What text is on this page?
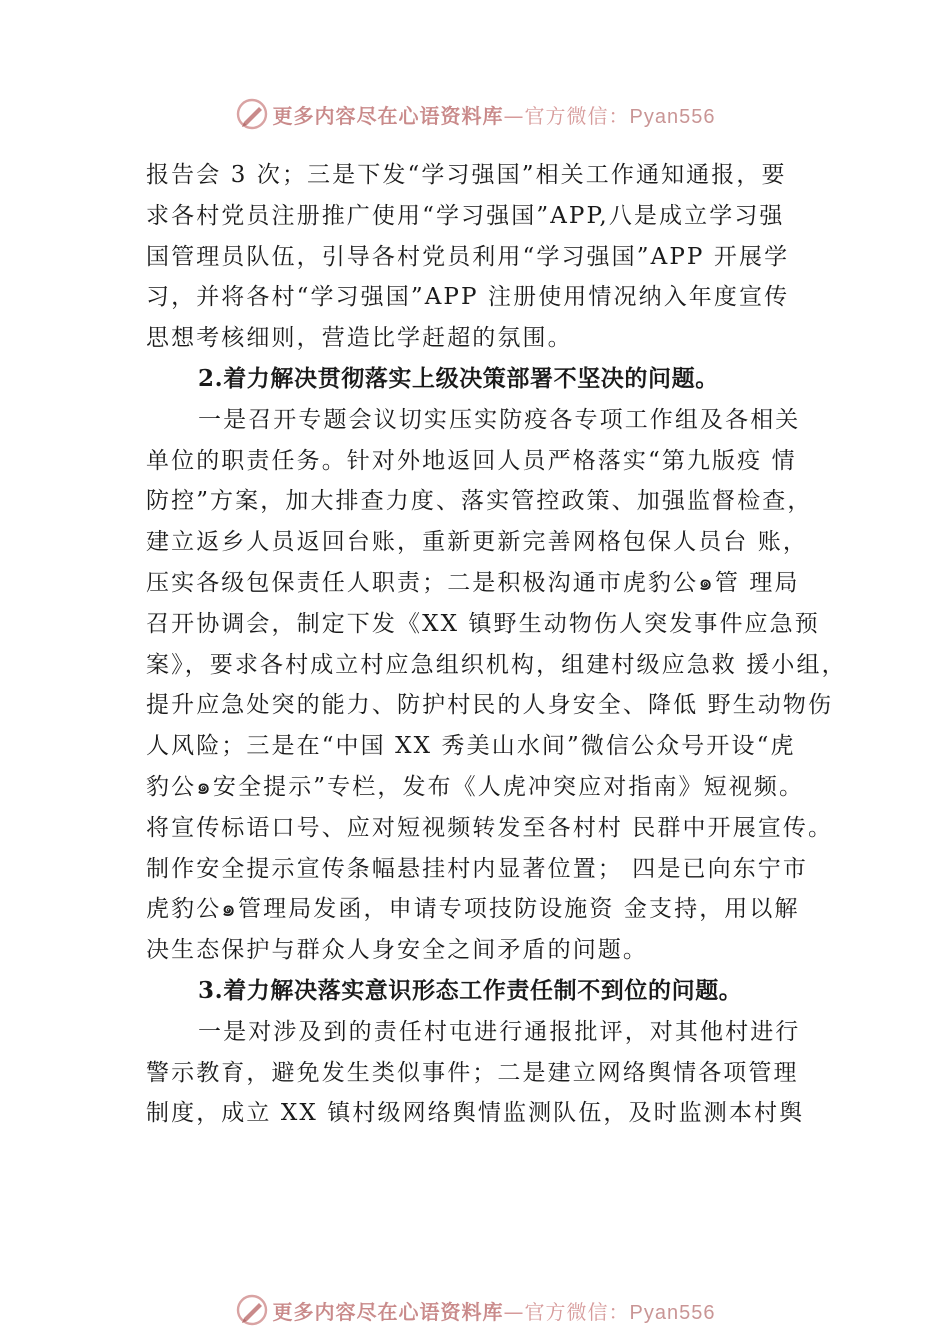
更多内容尽在心语资料库—官方微信：Pyan556
报告会 3 次；三是下发“学习强国”相关工作通知通报，要
求各村党员注册推广使用“学习强国”APP,八是成立学习强
国管理员队伍，引导各村党员利用“学习强国”APP 开展学
习，并将各村“学习强国”APP 注册使用情况纳入年度宣传
思想考核细则，营造比学赶超的氛围。
2.着力解决贯彻落实上级决策部署不坚决的问题。
一是召开专题会议切实压实防疫各专项工作组及各相关
单位的职责任务。针对外地返回人员严格落实“第九版疫 情
防控”方案，加大排查力度、落实管控政策、加强监督检查，
建立返乡人员返回台账，重新更新完善网格包保人员台 账，
压实各级包保责任人职责；二是积极沟通市虎豹公๑管 理局
召开协调会，制定下发《XX 镇野生动物伤人突发事件应急预
案》，要求各村成立村应急组织机构，组建村级应急救 援小组，
提升应急处突的能力、防护村民的人身安全、降低 野生动物伤
人风险；三是在“中国 XX 秀美山水间”微信公众号开设“虎
豹公๑安全提示”专栏，发布《人虎冲突应对指南》短视频。
将宣传标语口号、应对短视频转发至各村村 民群中开展宣传。
制作安全提示宣传条幅悬挂村内显著位置； 四是已向东宁市
虎豹公๑管理局发函，申请专项技防设施资 金支持，用以解
决生态保护与群众人身安全之间矛盾的问题。
3.着力解决落实意识形态工作责任制不到位的问题。
一是对涉及到的责任村屯进行通报批评，对其他村进行
警示教育，避免发生类似事件；二是建立网络舆情各项管理
制度，成立 XX 镇村级网络舆情监测队伍，及时监测本村舆
更多内容尽在心语资料库—官方微信：Pyan556
